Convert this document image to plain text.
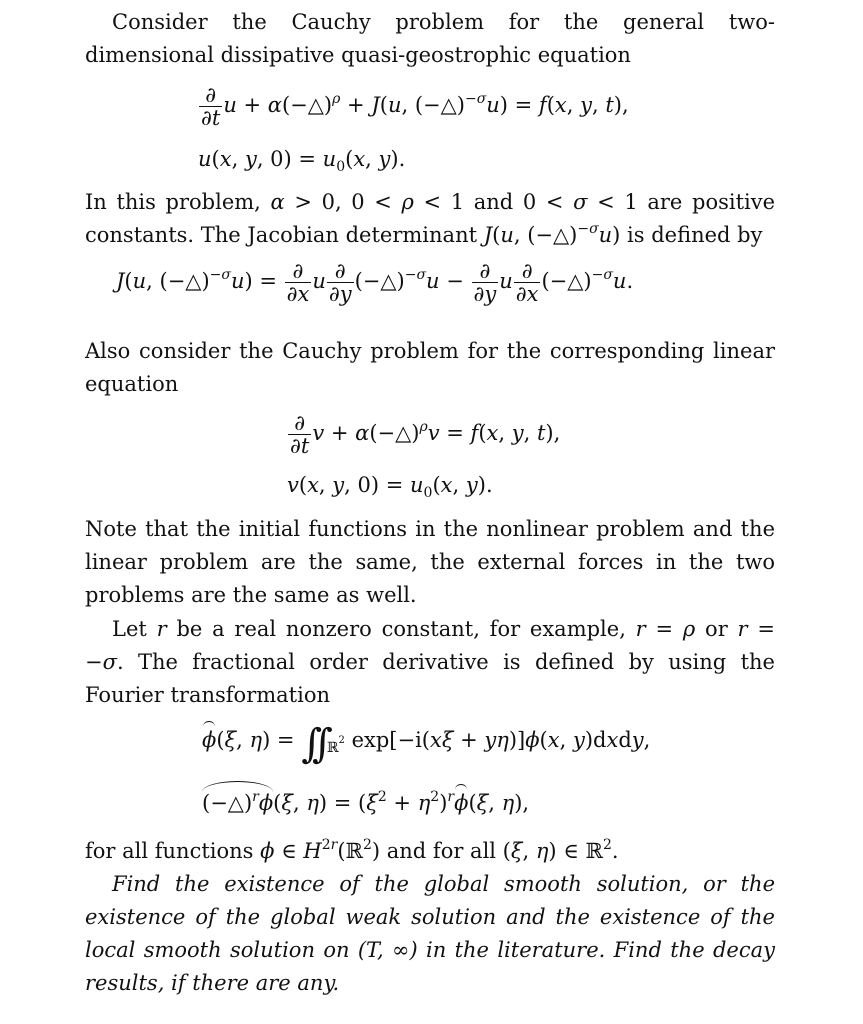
Consider the Cauchy problem for the general two-dimensional dissipative quasi-geostrophic equation

$\frac{\partial}{\partial t}$ u + α(−△)$^\rho$ + J(u, (−△)$^{-\sigma}$u) = f(x, y, t),
u(x, y, $0) = u_0(x$, y).

In this problem, α > 0, 0 < ρ < 1 and 0 < σ < 1 are positive constants. The Jacobian determinant J(u, (−△)$^{-\sigma}$u) is defined by

J(u, (−△)$^{-\sigma}$u) = $\frac{\partial}{\partial x}$ u $\frac{\partial}{\partial y}$ (−△)$^{-\sigma}$u − $\frac{\partial}{\partial y}$ u $\frac{\partial}{\partial x}$ (−△)$^{-\sigma}$u.

Also consider the Cauchy problem for the corresponding linear equation

$\frac{\partial}{\partial t}$ v + α(−△)$^\rho$v = f(x, y, t),
v(x, y, $0) = u_0(x$, y).

Note that the initial functions in the nonlinear problem and the linear problem are the same, the external forces in the two problems are the same as well.

Let r be a real nonzero constant, for example, r = ρ or r = −σ. The fractional order derivative is defined by using the Fourier transformation

ϕ(ξ, η) = ∫∫ $_{ℝ^2}$ exp[−i(xξ + yη)]ϕ(x, y)dxdy,
(−△)$^r$ϕ(ξ, $\eta) = (\xi^2 + \eta^2)^r\phi(\xi$, η),

for all functions ϕ ∈ $H^{2r}(ℝ^2)$ and for all (ξ, η) ∈ ℝ$^2$.

Find the existence of the global smooth solution, or the existence of the global weak solution and the existence of the local smooth solution on (T, ∞) in the literature. Find the decay results, if there are any.
